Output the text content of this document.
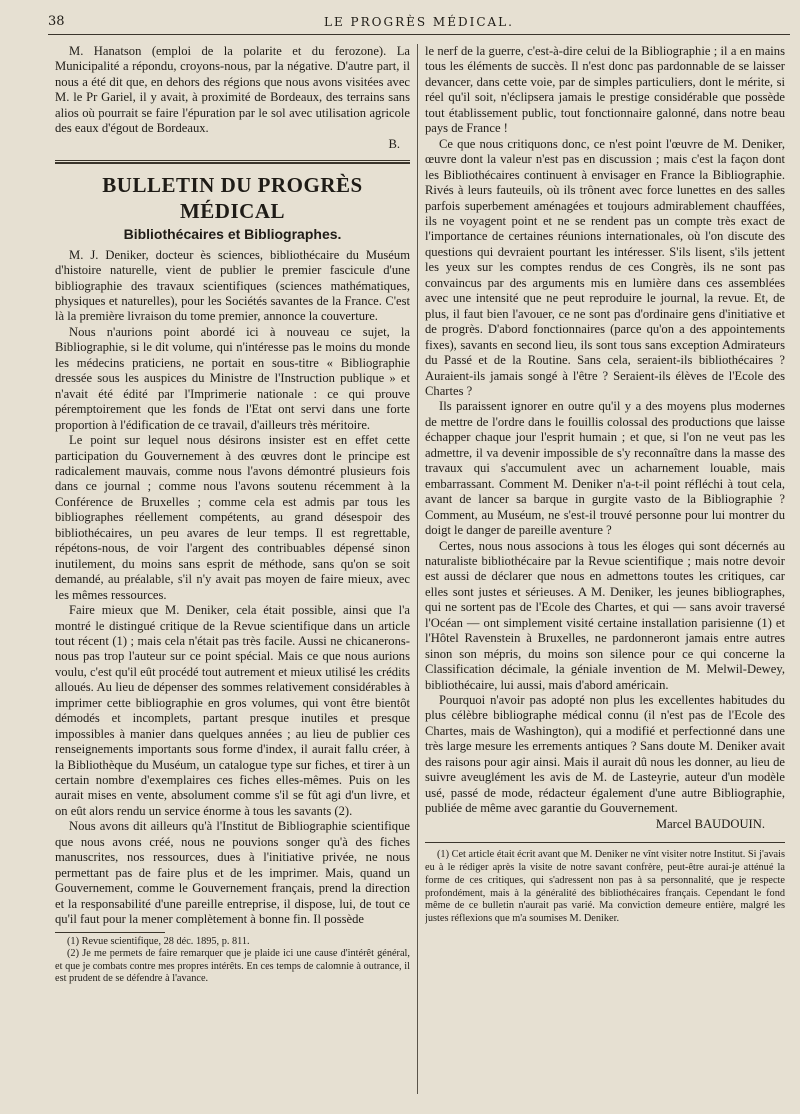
38	LE PROGRÈS MÉDICAL.

M. Hanatson (emploi de la polarite et du ferozone). La Municipalité a répondu, croyons-nous, par la négative. D'autre part, il nous a été dit que, en dehors des régions que nous avons visitées avec M. le Pr Gariel, il y avait, à proximité de Bordeaux, des terrains sans alios où pourrait se faire l'épuration par le sol avec utilisation agricole des eaux d'égout de Bordeaux.

B.
BULLETIN DU PROGRÈS MÉDICAL
Bibliothécaires et Bibliographes.

M. J. Deniker, docteur ès sciences, bibliothécaire du Muséum d'histoire naturelle, vient de publier le premier fascicule d'une bibliographie des travaux scientifiques (sciences mathématiques, physiques et naturelles), pour les Sociétés savantes de la France. C'est là la première livraison du tome premier, annonce la couverture.

Nous n'aurions point abordé ici à nouveau ce sujet, la Bibliographie, si le dit volume, qui n'intéresse pas le moins du monde les médecins praticiens, ne portait en sous-titre « Bibliographie dressée sous les auspices du Ministre de l'Instruction publique » et n'avait été édité par l'Imprimerie nationale : ce qui prouve péremptoirement que les fonds de l'Etat ont servi dans une forte proportion à l'édification de ce travail, d'ailleurs très méritoire.

Le point sur lequel nous désirons insister est en effet cette participation du Gouvernement à des œuvres dont le principe est radicalement mauvais, comme nous l'avons démontré plusieurs fois dans ce journal ; comme nous l'avons soutenu récemment à la Conférence de Bruxelles ; comme cela est admis par tous les bibliographes réellement compétents, au grand désespoir des bibliothécaires, un peu avares de leur temps. Il est regrettable, répétons-nous, de voir l'argent des contribuables dépensé sinon inutilement, du moins sans esprit de méthode, sans qu'on se soit demandé, au préalable, s'il n'y avait pas moyen de faire mieux, avec les mêmes ressources.

Faire mieux que M. Deniker, cela était possible, ainsi que l'a montré le distingué critique de la Revue scientifique dans un article tout récent (1) ; mais cela n'était pas très facile. Aussi ne chicanerons-nous pas trop l'auteur sur ce point spécial. Mais ce que nous aurions voulu, c'est qu'il eût procédé tout autrement et mieux utilisé les crédits alloués. Au lieu de dépenser des sommes relativement considérables à imprimer cette bibliographie en gros volumes, qui vont être bientôt démodés et incomplets, partant presque inutiles et presque impossibles à manier dans quelques années ; au lieu de publier ces renseignements importants sous forme d'index, il aurait fallu créer, à la Bibliothèque du Muséum, un catalogue type sur fiches, et tirer à un certain nombre d'exemplaires ces fiches elles-mêmes. Puis on les aurait mises en vente, absolument comme s'il se fût agi d'un livre, et on eût alors rendu un service énorme à tous les savants (2).

Nous avons dit ailleurs qu'à l'Institut de Bibliographie scientifique que nous avons créé, nous ne pouvions songer qu'à des fiches manuscrites, nos ressources, dues à l'initiative privée, ne nous permettant pas de faire plus et de les imprimer. Mais, quand un Gouvernement, comme le Gouvernement français, prend la direction et la responsabilité d'une pareille entreprise, il dispose, lui, de tout ce qu'il faut pour la mener complètement à bonne fin. Il possède

(1) Revue scientifique, 28 déc. 1895, p. 811.

(2) Je me permets de faire remarquer que je plaide ici une cause d'intérêt général, et que je combats contre mes propres intérêts. En ces temps de calomnie à outrance, il est prudent de se défendre à l'avance.

le nerf de la guerre, c'est-à-dire celui de la Bibliographie ; il a en mains tous les éléments de succès. Il n'est donc pas pardonnable de se laisser devancer, dans cette voie, par de simples particuliers, dont le mérite, si réel qu'il soit, n'éclipsera jamais le prestige considérable que possède tout établissement public, tout fonctionnaire galonné, dans notre beau pays de France !

Ce que nous critiquons donc, ce n'est point l'œuvre de M. Deniker, œuvre dont la valeur n'est pas en discussion ; mais c'est la façon dont les Bibliothécaires continuent à envisager en France la Bibliographie. Rivés à leurs fauteuils, où ils trônent avec force lunettes en des salles parfois superbement aménagées et toujours admirablement chauffées, ils ne voyagent point et ne se rendent pas un compte très exact de l'importance de certaines réunions internationales, où l'on discute des questions qui devraient pourtant les intéresser. S'ils lisent, s'ils jettent les yeux sur les comptes rendus de ces Congrès, ils ne sont pas convaincus par des arguments mis en lumière dans ces assemblées avec une intensité que ne peut reproduire le journal, la revue. Et, de plus, il faut bien l'avouer, ce ne sont pas d'ordinaire gens d'initiative et de progrès. D'abord fonctionnaires (parce qu'on a des appointements fixes), savants en second lieu, ils sont tous sans exception Admirateurs du Passé et de la Routine. Sans cela, seraient-ils bibliothécaires ? Auraient-ils jamais songé à l'être ? Seraient-ils élèves de l'Ecole des Chartes ?

Ils paraissent ignorer en outre qu'il y a des moyens plus modernes de mettre de l'ordre dans le fouillis colossal des productions que laisse échapper chaque jour l'esprit humain ; et que, si l'on ne veut pas les admettre, il va devenir impossible de s'y reconnaître dans la masse des travaux qui s'accumulent avec un acharnement louable, mais embarrassant. Comment M. Deniker n'a-t-il point réfléchi à tout cela, avant de lancer sa barque in gurgite vasto de la Bibliographie ? Comment, au Muséum, ne s'est-il trouvé personne pour lui montrer du doigt le danger de pareille aventure ?

Certes, nous nous associons à tous les éloges qui sont décernés au naturaliste bibliothécaire par la Revue scientifique ; mais notre devoir est aussi de déclarer que nous en admettons toutes les critiques, car elles sont justes et sérieuses. A M. Deniker, les jeunes bibliographes, qui ne sortent pas de l'Ecole des Chartes, et qui — sans avoir traversé l'Océan — ont simplement visité certaine installation parisienne (1) et l'Hôtel Ravenstein à Bruxelles, ne pardonneront jamais entre autres sinon son mépris, du moins son silence pour ce qui concerne la Classification décimale, la géniale invention de M. Melwil-Dewey, bibliothécaire, lui aussi, mais d'abord américain.

Pourquoi n'avoir pas adopté non plus les excellentes habitudes du plus célèbre bibliographe médical connu (il n'est pas de l'Ecole des Chartes, mais de Washington), qui a modifié et perfectionné dans une très large mesure les errements antiques ? Sans doute M. Deniker avait des raisons pour agir ainsi. Mais il aurait dû nous les donner, au lieu de suivre aveuglément les avis de M. de Lasteyrie, auteur d'un modèle usé, passé de mode, rédacteur également d'une autre Bibliographie, publiée de même avec garantie du Gouvernement.

Marcel BAUDOUIN.

(1) Cet article était écrit avant que M. Deniker ne vînt visiter notre Institut. Si j'avais eu à le rédiger après la visite de notre savant confrère, peut-être aurai-je atténué la forme de ces critiques, qui s'adressent non pas à sa personnalité, que je respecte profondément, mais à la généralité des bibliothécaires français. Cependant le fond même de ce bulletin n'aurait pas varié. Ma conviction demeure entière, malgré les justes réflexions que m'a soumises M. Deniker.
